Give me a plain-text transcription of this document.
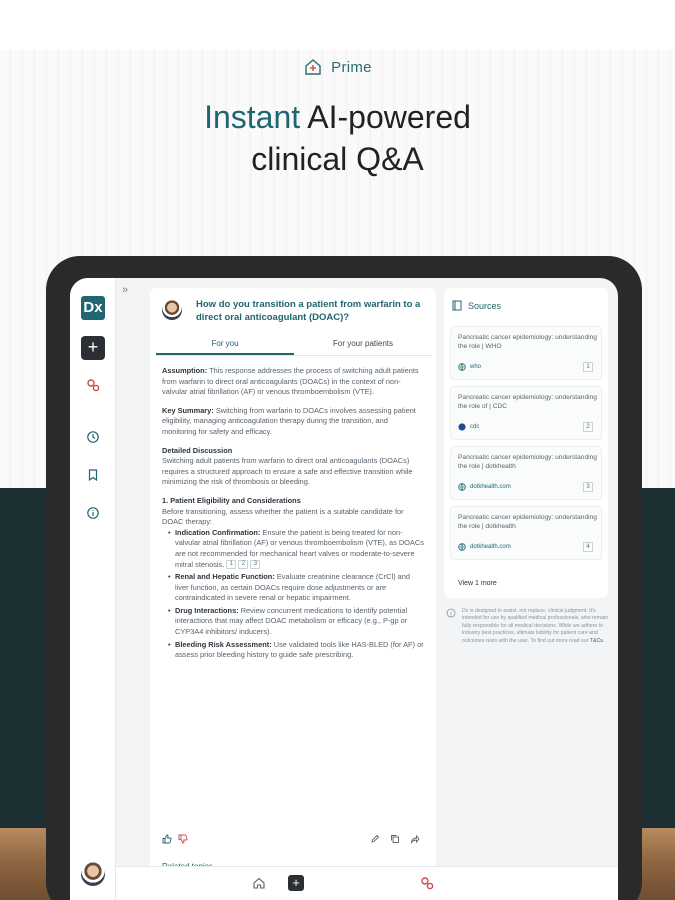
Prime
Instant AI-powered
clinical Q&A
Dx
+
»
How do you transition a patient from warfarin to a direct oral anticoagulant (DOAC)?
For you	For your patients

Assumption: This response addresses the process of switching adult patients from warfarin to direct oral anticoagulants (DOACs) in the context of non-valvular atrial fibrillation (AF) or venous thromboembolism (VTE).

Key Summary: Switching from warfarin to DOACs involves assessing patient eligibility, managing anticoagulation therapy during the transition, and monitoring for safety and efficacy.

Detailed Discussion
Switching adult patients from warfarin to direct oral anticoagulants (DOACs) requires a structured approach to ensure a safe and effective transition while minimizing the risk of thrombosis or bleeding.

1. Patient Eligibility and Considerations
Before transitioning, assess whether the patient is a suitable candidate for DOAC therapy:
• Indication Confirmation: Ensure the patient is being treated for non-valvular atrial fibrillation (AF) or venous thromboembolism (VTE), as DOACs are not recommended for mechanical heart valves or moderate-to-severe mitral stenosis. 1	2	3
• Renal and Hepatic Function: Evaluate creatinine clearance (CrCl) and liver function, as certain DOACs require dose adjustments or are contraindicated in severe renal or hepatic impairment.
• Drug Interactions: Review concurrent medications to identify potential interactions that may affect DOAC metabolism or efficacy (e.g., P-gp or CYP3A4 inhibitors/ inducers).
• Bleeding Risk Assessment: Use validated tools like HAS-BLED (for AF) or assess prior bleeding history to guide safe prescribing.
Sources
Pancreatic cancer epidemiology: understanding the role | WHO
who	1
Pancreatic cancer epidemiology: understanding the role of | CDC
cdc	2
Pancreatic cancer epidemiology: understanding the role | dotkhealth
dotkhealth.com	3
Pancreatic cancer epidemiology: understanding the role | dotkhealth
dotkhealth.com	4
View 1 more
Dx is designed to assist, not replace, clinical judgment. It's intended for use by qualified medical professionals, who remain fully responsible for all medical decisions. While we adhere to industry best practices, ultimate liability for patient care and outcomes rests with the user. To find out more read our T&Cs.
+
